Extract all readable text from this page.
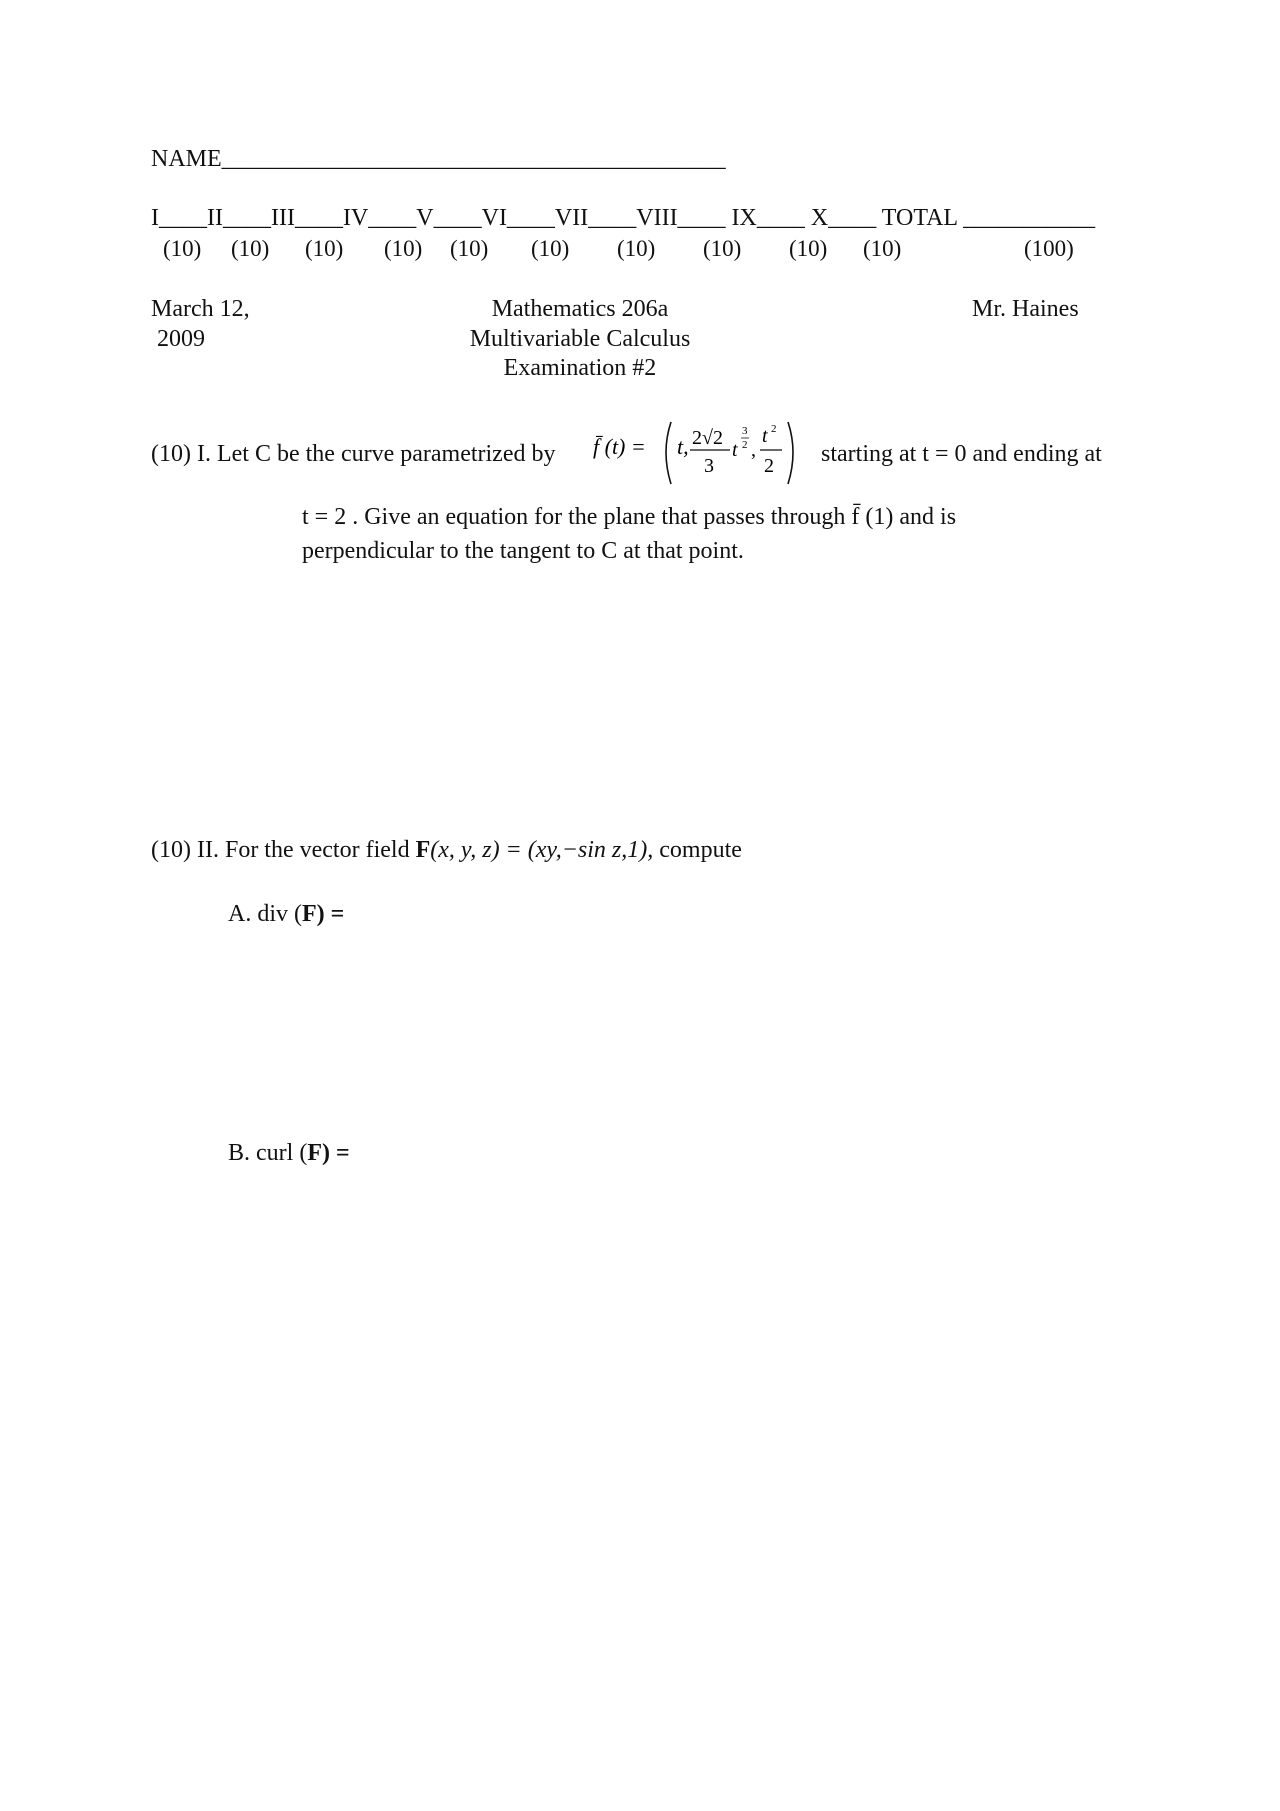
NAME__________________________________________
I____II____III____IV____V____VI____VII____VIII____ IX____ X____ TOTAL ___________
(10) (10) (10) (10) (10) (10) (10) (10) (10) (10)	(100)
March 12,
2009
Mathematics 206a
Multivariable Calculus
Examination #2
Mr. Haines
(10) I. Let C be the curve parametrized by f̄ (t) = t, 2√2
3
t
3
2 ,
t 2
2 starting at t = 0 and ending at
t = 2 . Give an equation for the plane that passes through f̄ (1) and is
perpendicular to the tangent to C at that point.
(10) II. For the vector field F(x, y, z) = (xy,−sin z,1), compute
A. div (F) =
B. curl (F) =
